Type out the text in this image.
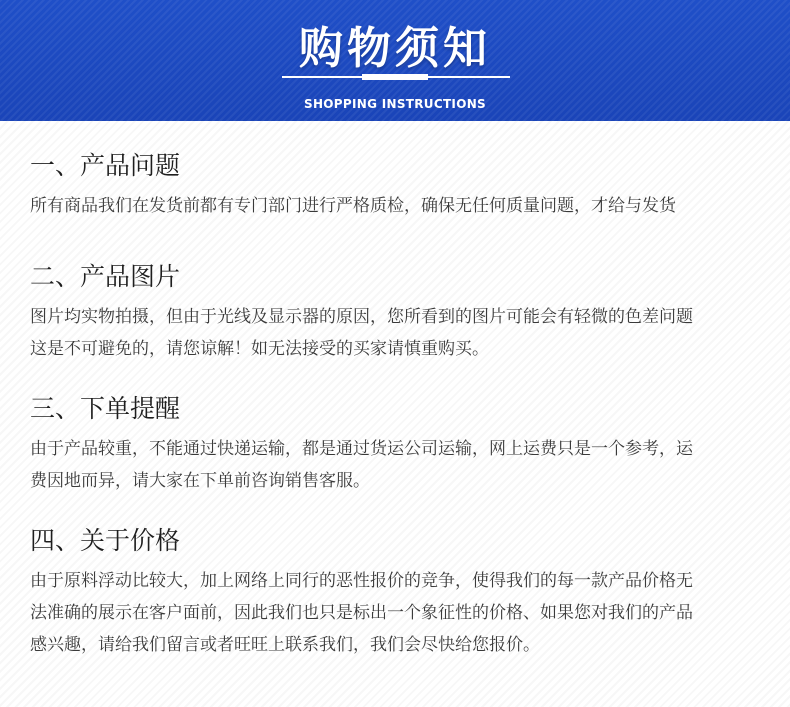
购物须知
SHOPPING INSTRUCTIONS
一、产品问题

所有商品我们在发货前都有专门部门进行严格质检，确保无任何质量问题，才给与发货

二、产品图片

图片均实物拍摄，但由于光线及显示器的原因，您所看到的图片可能会有轻微的色差问题

这是不可避免的，请您谅解！如无法接受的买家请慎重购买。

三、下单提醒

由于产品较重，不能通过快递运输，都是通过货运公司运输，网上运费只是一个参考，运

费因地而异，请大家在下单前咨询销售客服。

四、关于价格

由于原料浮动比较大，加上网络上同行的恶性报价的竞争，使得我们的每一款产品价格无

法准确的展示在客户面前，因此我们也只是标出一个象征性的价格、如果您对我们的产品

感兴趣，请给我们留言或者旺旺上联系我们，我们会尽快给您报价。
